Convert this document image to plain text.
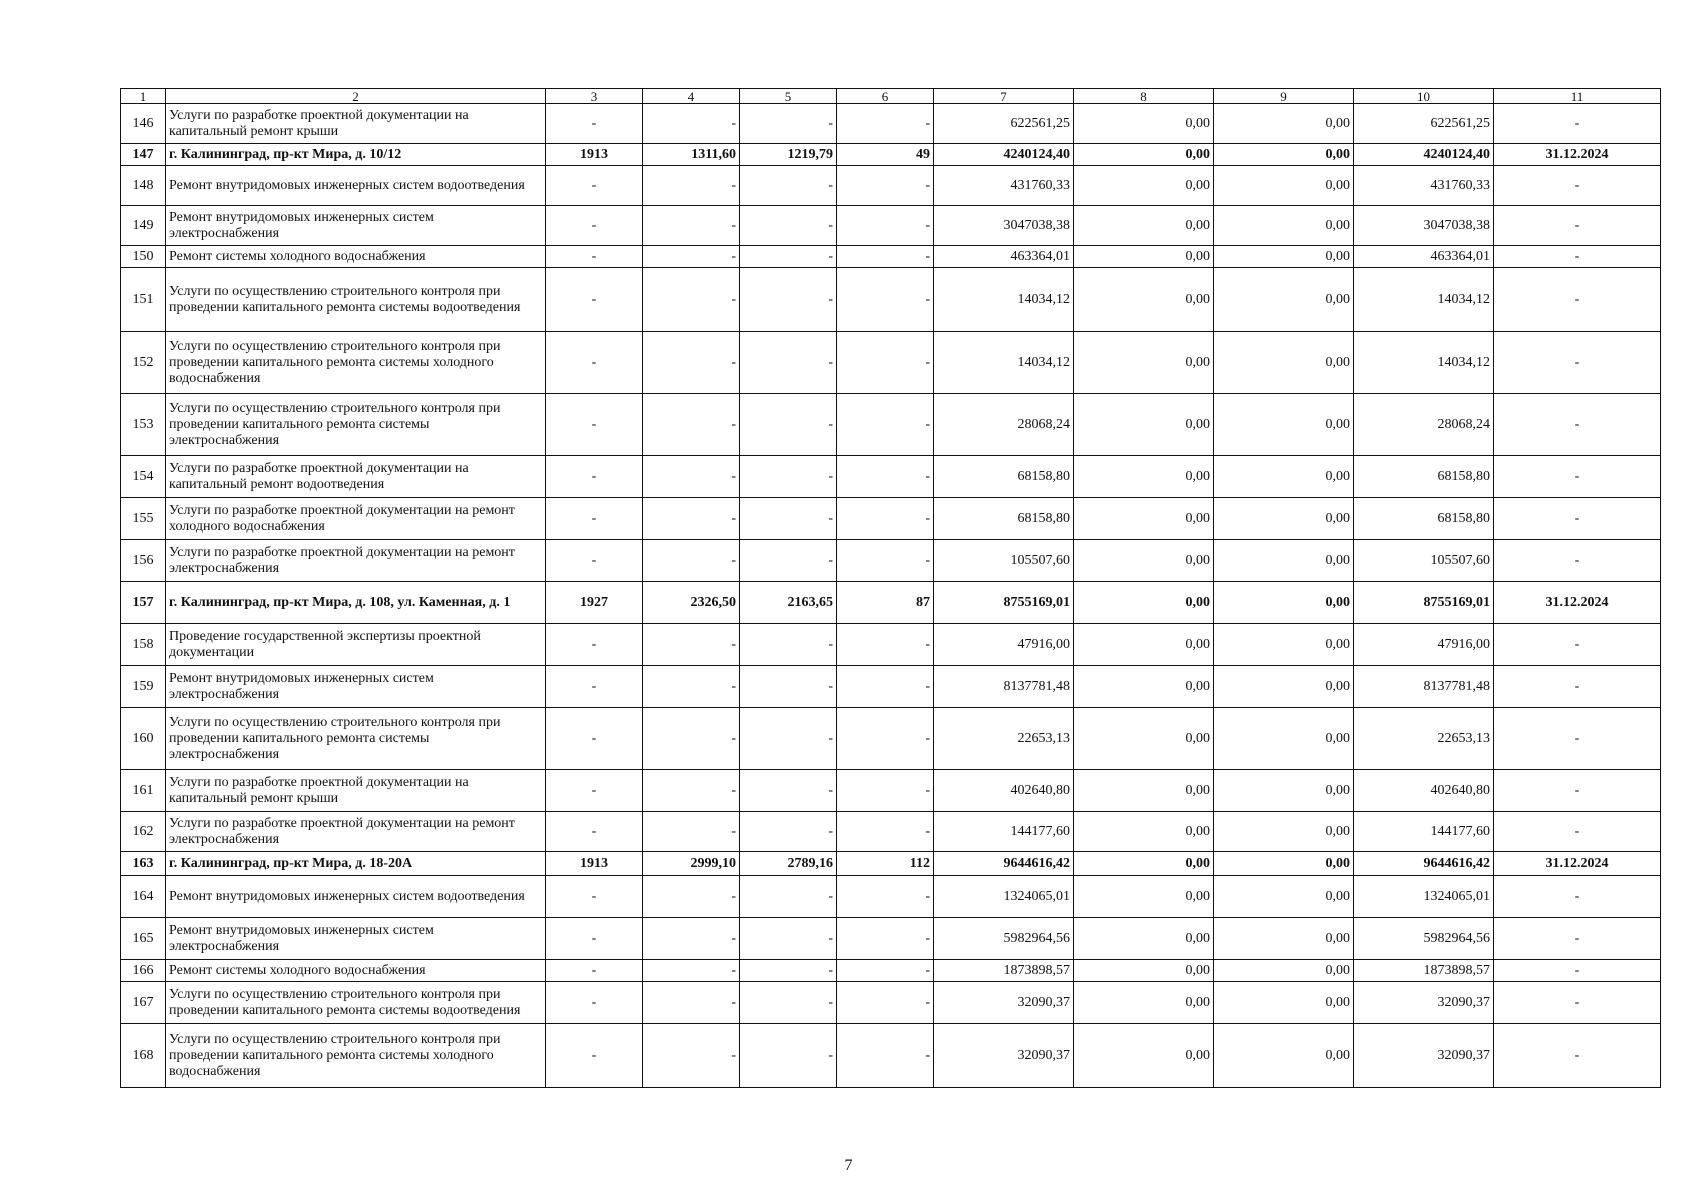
1	2	3	4	5	6	7	8	9	10	11
146	Услуги по разработке проектной документации на капитальный ремонт крыши	-	-	-	-	622561,25	0,00	0,00	622561,25	-
147	г. Калининград, пр-кт Мира, д. 10/12	1913	1311,60	1219,79	49	4240124,40	0,00	0,00	4240124,40	31.12.2024
148	Ремонт внутридомовых инженерных систем водоотведения	-	-	-	-	431760,33	0,00	0,00	431760,33	-
149	Ремонт внутридомовых инженерных систем электроснабжения	-	-	-	-	3047038,38	0,00	0,00	3047038,38	-
150	Ремонт системы холодного водоснабжения	-	-	-	-	463364,01	0,00	0,00	463364,01	-
151	Услуги по осуществлению строительного контроля при проведении капитального ремонта системы водоотведения	-	-	-	-	14034,12	0,00	0,00	14034,12	-
152	Услуги по осуществлению строительного контроля при проведении капитального ремонта системы холодного водоснабжения	-	-	-	-	14034,12	0,00	0,00	14034,12	-
153	Услуги по осуществлению строительного контроля при проведении капитального ремонта системы электроснабжения	-	-	-	-	28068,24	0,00	0,00	28068,24	-
154	Услуги по разработке проектной документации на капитальный ремонт водоотведения	-	-	-	-	68158,80	0,00	0,00	68158,80	-
155	Услуги по разработке проектной документации на ремонт холодного водоснабжения	-	-	-	-	68158,80	0,00	0,00	68158,80	-
156	Услуги по разработке проектной документации на ремонт электроснабжения	-	-	-	-	105507,60	0,00	0,00	105507,60	-
157	г. Калининград, пр-кт Мира, д. 108, ул. Каменная, д. 1	1927	2326,50	2163,65	87	8755169,01	0,00	0,00	8755169,01	31.12.2024
158	Проведение государственной экспертизы проектной документации	-	-	-	-	47916,00	0,00	0,00	47916,00	-
159	Ремонт внутридомовых инженерных систем электроснабжения	-	-	-	-	8137781,48	0,00	0,00	8137781,48	-
160	Услуги по осуществлению строительного контроля при проведении капитального ремонта системы электроснабжения	-	-	-	-	22653,13	0,00	0,00	22653,13	-
161	Услуги по разработке проектной документации на капитальный ремонт крыши	-	-	-	-	402640,80	0,00	0,00	402640,80	-
162	Услуги по разработке проектной документации на ремонт электроснабжения	-	-	-	-	144177,60	0,00	0,00	144177,60	-
163	г. Калининград, пр-кт Мира, д. 18-20А	1913	2999,10	2789,16	112	9644616,42	0,00	0,00	9644616,42	31.12.2024
164	Ремонт внутридомовых инженерных систем водоотведения	-	-	-	-	1324065,01	0,00	0,00	1324065,01	-
165	Ремонт внутридомовых инженерных систем электроснабжения	-	-	-	-	5982964,56	0,00	0,00	5982964,56	-
166	Ремонт системы холодного водоснабжения	-	-	-	-	1873898,57	0,00	0,00	1873898,57	-
167	Услуги по осуществлению строительного контроля при проведении капитального ремонта системы водоотведения	-	-	-	-	32090,37	0,00	0,00	32090,37	-
168	Услуги по осуществлению строительного контроля при проведении капитального ремонта системы холодного водоснабжения	-	-	-	-	32090,37	0,00	0,00	32090,37	-
7
